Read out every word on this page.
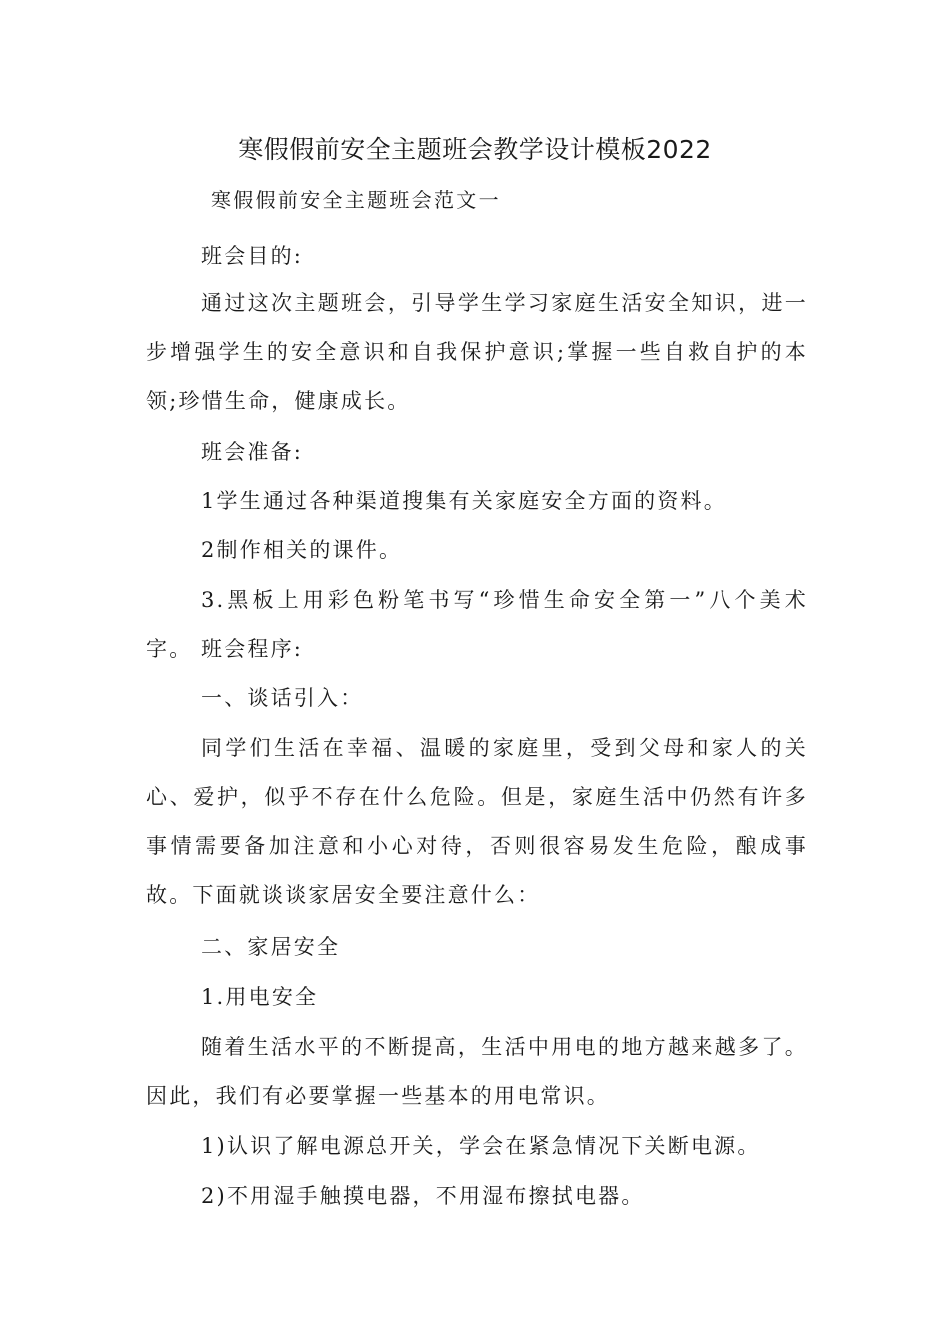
寒假假前安全主题班会教学设计模板2022

寒假假前安全主题班会范文一

班会目的:

通过这次主题班会，引导学生学习家庭生活安全知识，进一步增强学生的安全意识和自我保护意识;掌握一些自救自护的本领;珍惜生命，健康成长。

班会准备:

1学生通过各种渠道搜集有关家庭安全方面的资料。

2制作相关的课件。

3.黑板上用彩色粉笔书写“珍惜生命安全第一”八个美术字。 班会程序:

一、谈话引入：

同学们生活在幸福、温暖的家庭里，受到父母和家人的关心、爱护，似乎不存在什么危险。但是，家庭生活中仍然有许多事情需要备加注意和小心对待，否则很容易发生危险，酿成事故。下面就谈谈家居安全要注意什么：

二、家居安全

1.用电安全

随着生活水平的不断提高，生活中用电的地方越来越多了。因此，我们有必要掌握一些基本的用电常识。

1)认识了解电源总开关，学会在紧急情况下关断电源。

2)不用湿手触摸电器，不用湿布擦拭电器。
